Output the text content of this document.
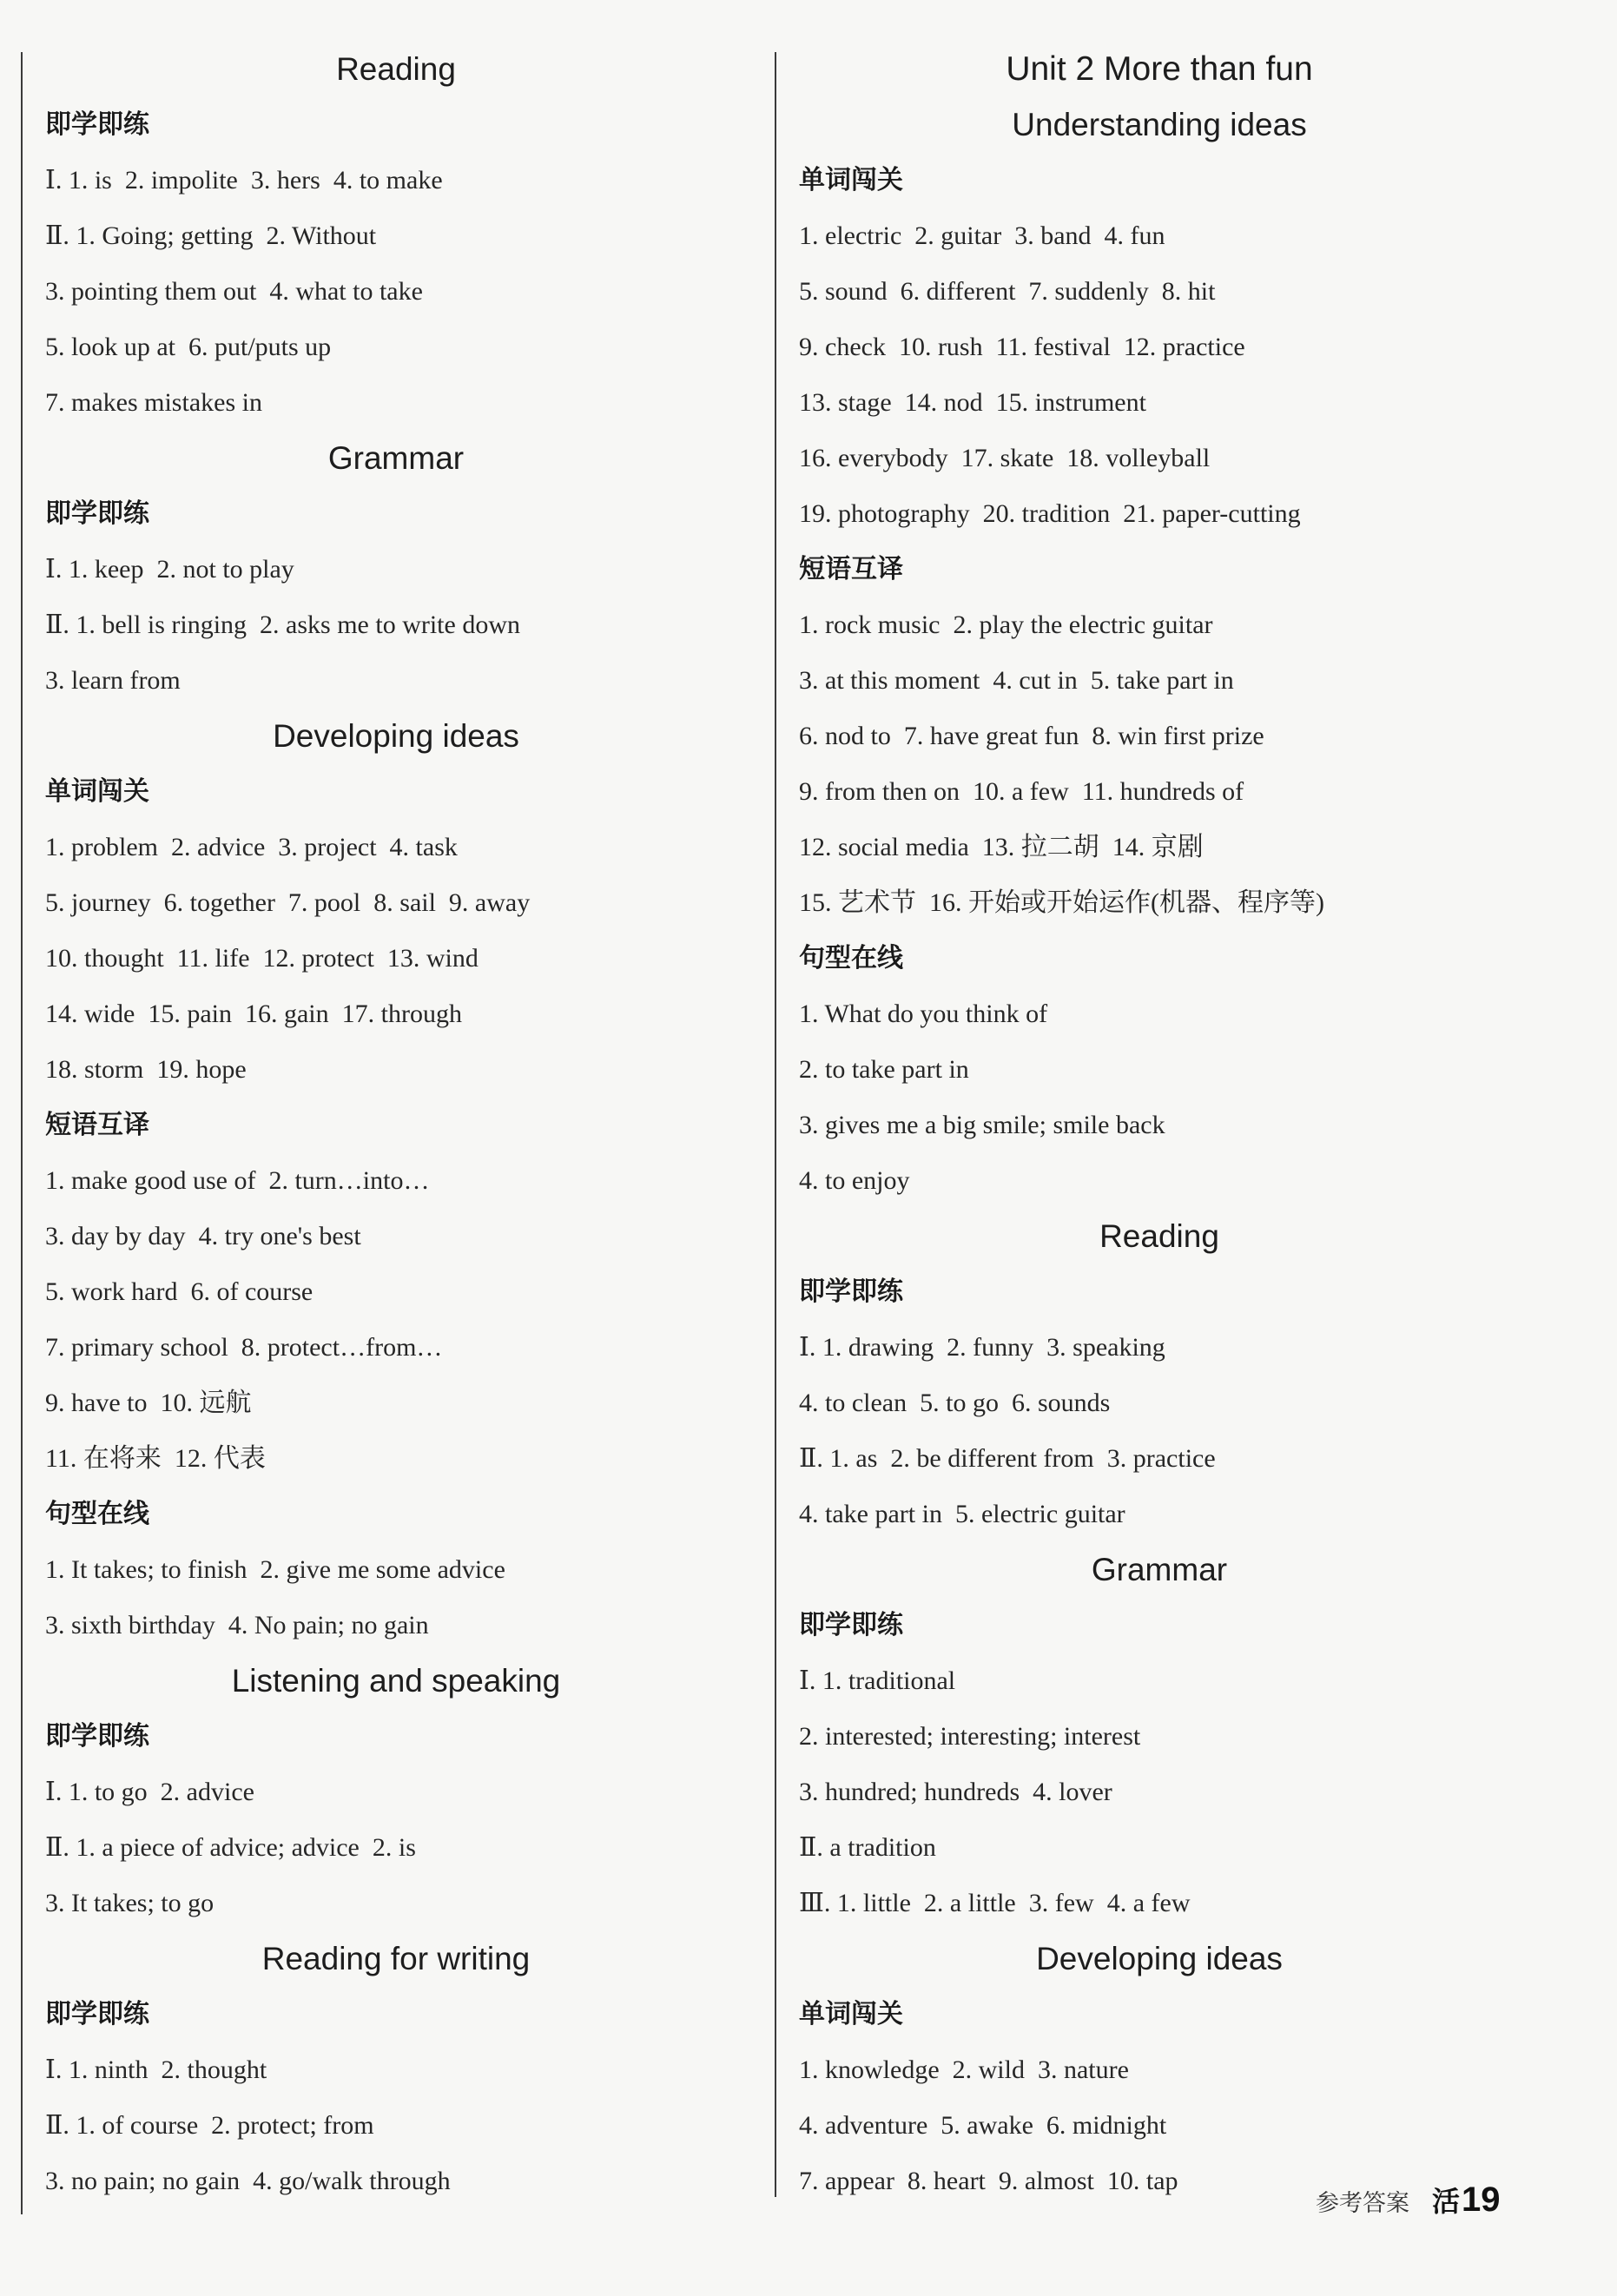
Reading
即学即练
Ⅰ. 1. is  2. impolite  3. hers  4. to make
Ⅱ. 1. Going; getting  2. Without
3. pointing them out  4. what to take
5. look up at  6. put/puts up
7. makes mistakes in
Grammar
即学即练
Ⅰ. 1. keep  2. not to play
Ⅱ. 1. bell is ringing  2. asks me to write down
3. learn from
Developing ideas
单词闯关
1. problem  2. advice  3. project  4. task
5. journey  6. together  7. pool  8. sail  9. away
10. thought  11. life  12. protect  13. wind
14. wide  15. pain  16. gain  17. through
18. storm  19. hope
短语互译
1. make good use of  2. turn…into…
3. day by day  4. try one's best
5. work hard  6. of course
7. primary school  8. protect…from…
9. have to  10. 远航
11. 在将来  12. 代表
句型在线
1. It takes; to finish  2. give me some advice
3. sixth birthday  4. No pain; no gain
Listening and speaking
即学即练
Ⅰ. 1. to go  2. advice
Ⅱ. 1. a piece of advice; advice  2. is
3. It takes; to go
Reading for writing
即学即练
Ⅰ. 1. ninth  2. thought
Ⅱ. 1. of course  2. protect; from
3. no pain; no gain  4. go/walk through
Unit 2 More than fun
Understanding ideas
单词闯关
1. electric  2. guitar  3. band  4. fun
5. sound  6. different  7. suddenly  8. hit
9. check  10. rush  11. festival  12. practice
13. stage  14. nod  15. instrument
16. everybody  17. skate  18. volleyball
19. photography  20. tradition  21. paper-cutting
短语互译
1. rock music  2. play the electric guitar
3. at this moment  4. cut in  5. take part in
6. nod to  7. have great fun  8. win first prize
9. from then on  10. a few  11. hundreds of
12. social media  13. 拉二胡  14. 京剧
15. 艺术节  16. 开始或开始运作(机器、程序等)
句型在线
1. What do you think of
2. to take part in
3. gives me a big smile; smile back
4. to enjoy
Reading
即学即练
Ⅰ. 1. drawing  2. funny  3. speaking
4. to clean  5. to go  6. sounds
Ⅱ. 1. as  2. be different from  3. practice
4. take part in  5. electric guitar
Grammar
即学即练
Ⅰ. 1. traditional
2. interested; interesting; interest
3. hundred; hundreds  4. lover
Ⅱ. a tradition
Ⅲ. 1. little  2. a little  3. few  4. a few
Developing ideas
单词闯关
1. knowledge  2. wild  3. nature
4. adventure  5. awake  6. midnight
7. appear  8. heart  9. almost  10. tap
参考答案 活 19
